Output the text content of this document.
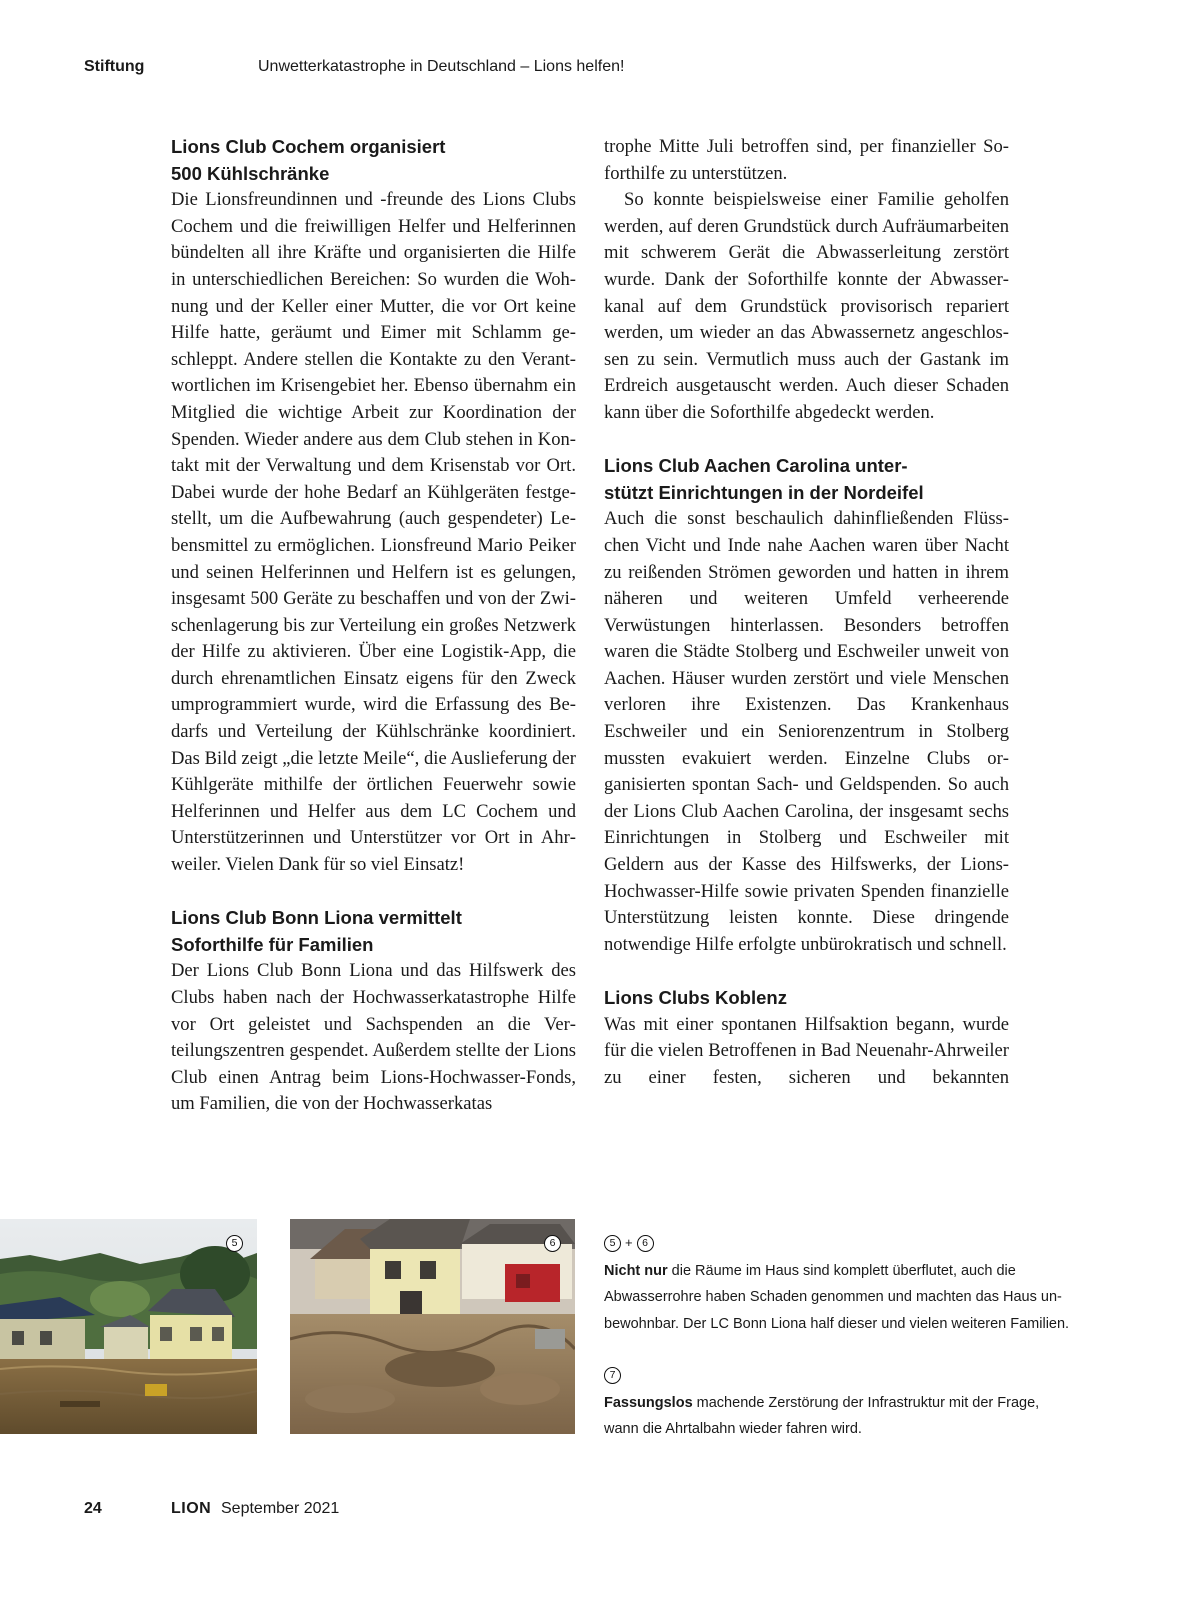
Stiftung	Unwetterkatastrophe in Deutschland – Lions helfen!
Lions Club Cochem organisiert
500 Kühlschränke

Die Lionsfreundinnen und -freunde des Lions Clubs Cochem und die freiwilligen Helfer und Helferinnen bündelten all ihre Kräfte und organisierten die Hilfe in unterschiedlichen Bereichen: So wurden die Wohnung und der Keller einer Mutter, die vor Ort keine Hilfe hatte, geräumt und Eimer mit Schlamm geschleppt. Andere stellen die Kontakte zu den Verantwortlichen im Krisengebiet her. Ebenso übernahm ein Mitglied die wichtige Arbeit zur Koordination der Spenden. Wieder andere aus dem Club stehen in Kontakt mit der Verwaltung und dem Krisenstab vor Ort. Dabei wurde der hohe Bedarf an Kühlgeräten festgestellt, um die Aufbewahrung (auch gespendeter) Lebensmittel zu ermöglichen. Lionsfreund Mario Peiker und seinen Helferinnen und Helfern ist es gelungen, insgesamt 500 Geräte zu beschaffen und von der Zwischenlagerung bis zur Verteilung ein großes Netzwerk der Hilfe zu aktivieren. Über eine Logistik-App, die durch ehrenamtlichen Einsatz eigens für den Zweck umprogrammiert wurde, wird die Erfassung des Bedarfs und Verteilung der Kühlschränke koordiniert. Das Bild zeigt „die letzte Meile“, die Auslieferung der Kühlgeräte mithilfe der örtlichen Feuerwehr sowie Helferinnen und Helfer aus dem LC Cochem und Unterstützerinnen und Unterstützer vor Ort in Ahrweiler. Vielen Dank für so viel Einsatz!

Lions Club Bonn Liona vermittelt
Soforthilfe für Familien

Der Lions Club Bonn Liona und das Hilfswerk des Clubs haben nach der Hochwasserkatastrophe Hilfe vor Ort geleistet und Sachspenden an die Verteilungszentren gespendet. Außerdem stellte der Lions Club einen Antrag beim Lions-Hochwasser-Fonds, um Familien, die von der Hochwasserkatas

trophe Mitte Juli betroffen sind, per finanzieller Soforthilfe zu unterstützen.

So konnte beispielsweise einer Familie geholfen werden, auf deren Grundstück durch Aufräumarbeiten mit schwerem Gerät die Abwasserleitung zerstört wurde. Dank der Soforthilfe konnte der Abwasserkanal auf dem Grundstück provisorisch repariert werden, um wieder an das Abwassernetz angeschlossen zu sein. Vermutlich muss auch der Gastank im Erdreich ausgetauscht werden. Auch dieser Schaden kann über die Soforthilfe abgedeckt werden.

Lions Club Aachen Carolina unter-
stützt Einrichtungen in der Nordeifel

Auch die sonst beschaulich dahinfließenden Flüsschen Vicht und Inde nahe Aachen waren über Nacht zu reißenden Strömen geworden und hatten in ihrem näheren und weiteren Umfeld verheerende Verwüstungen hinterlassen. Besonders betroffen waren die Städte Stolberg und Eschweiler unweit von Aachen. Häuser wurden zerstört und viele Menschen verloren ihre Existenzen. Das Krankenhaus Eschweiler und ein Seniorenzentrum in Stolberg mussten evakuiert werden. Einzelne Clubs organisierten spontan Sach- und Geldspenden. So auch der Lions Club Aachen Carolina, der insgesamt sechs Einrichtungen in Stolberg und Eschweiler mit Geldern aus der Kasse des Hilfswerks, der Lions-Hochwasser-Hilfe sowie privaten Spenden finanzielle Unterstützung leisten konnte. Diese dringende notwendige Hilfe erfolgte unbürokratisch und schnell.

Lions Clubs Koblenz

Was mit einer spontanen Hilfsaktion begann, wurde für die vielen Betroffenen in Bad Neuenahr-Ahrweiler zu einer festen, sicheren und bekannten

5	6	5 + 6
Nicht nur die Räume im Haus sind komplett überflutet, auch die
Abwasserrohre haben Schaden genommen und machten das Haus un-
bewohnbar. Der LC Bonn Liona half dieser und vielen weiteren Familien.
7
Fassungslos machende Zerstörung der Infrastruktur mit der Frage,
wann die Ahrtalbahn wieder fahren wird.
24	LION September 2021
